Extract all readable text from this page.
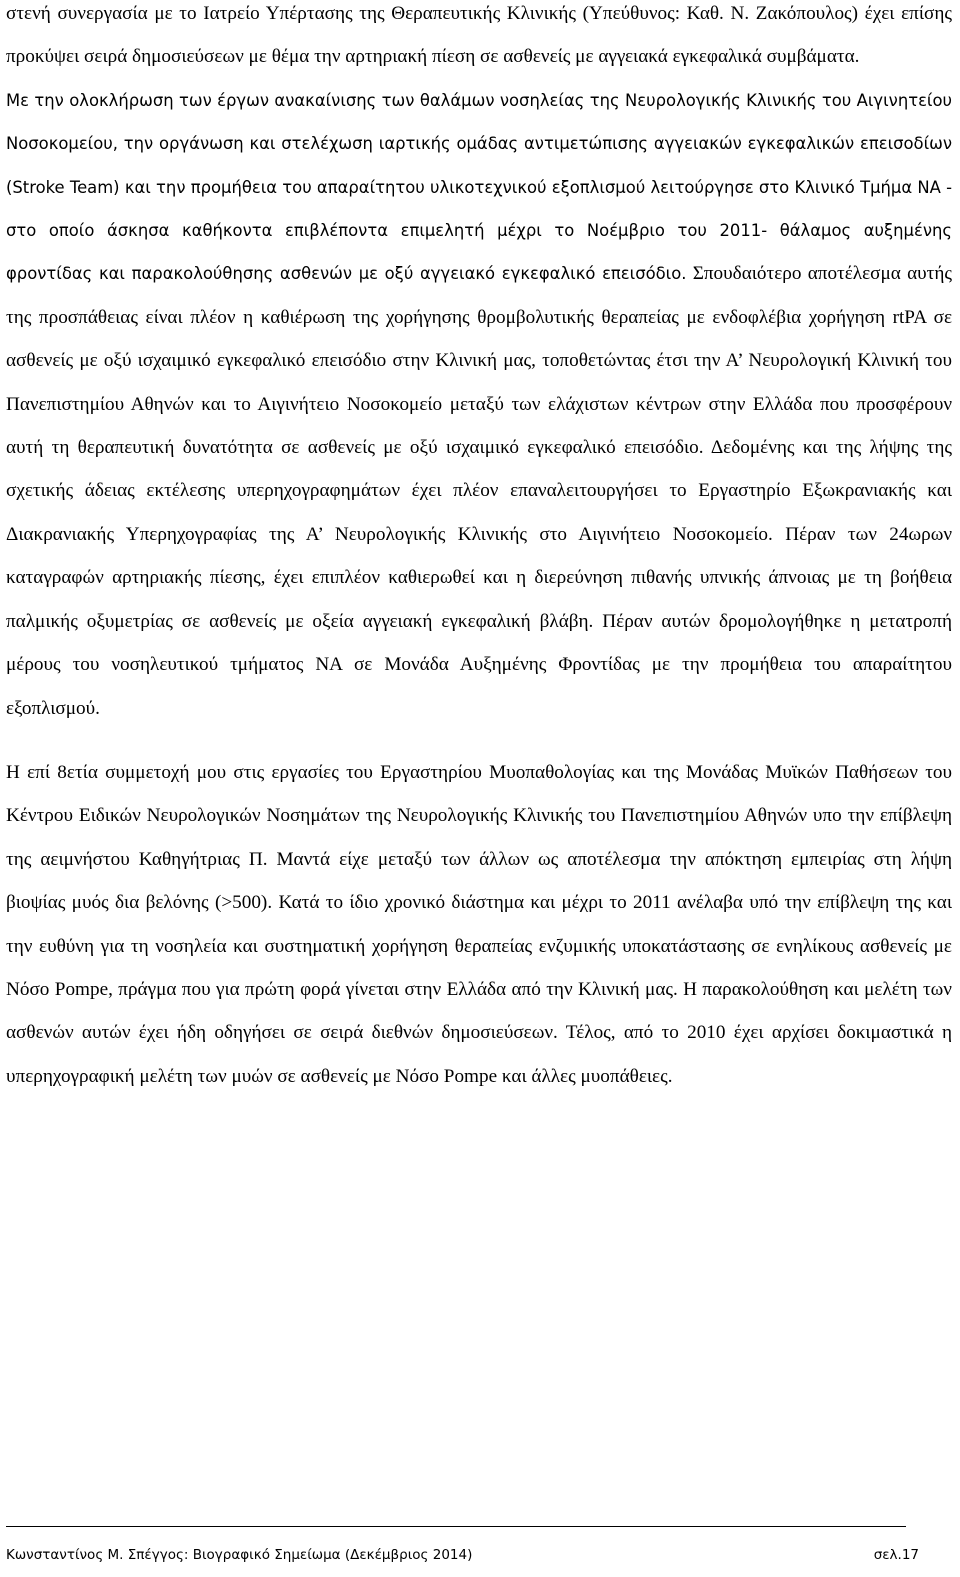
στενή συνεργασία με το Ιατρείο Υπέρτασης της Θεραπευτικής Κλινικής (Υπεύθυνος: Καθ. Ν. Ζακόπουλος) έχει επίσης προκύψει σειρά δημοσιεύσεων με θέμα την αρτηριακή πίεση σε ασθενείς με αγγειακά εγκεφαλικά συμβάματα.

Με την ολοκλήρωση των έργων ανακαίνισης των θαλάμων νοσηλείας της Νευρολογικής Κλινικής του Αιγινητείου Νοσοκομείου, την οργάνωση και στελέχωση ιαρτικής ομάδας αντιμετώπισης αγγειακών εγκεφαλικών επεισοδίων (Stroke Team) και την προμήθεια του απαραίτητου υλικοτεχνικού εξοπλισμού λειτούργησε στο Κλινικό Τμήμα ΝΑ - στο οποίο άσκησα καθήκοντα επιβλέποντα επιμελητή μέχρι το Νοέμβριο του 2011- θάλαμος αυξημένης φροντίδας και παρακολούθησης ασθενών με οξύ αγγειακό εγκεφαλικό επεισόδιο. Σπουδαιότερο αποτέλεσμα αυτής της προσπάθειας είναι πλέον η καθιέρωση της χορήγησης θρομβολυτικής θεραπείας με ενδοφλέβια χορήγηση rtPA σε ασθενείς με οξύ ισχαιμικό εγκεφαλικό επεισόδιο στην Κλινική μας, τοποθετώντας έτσι την Α’ Νευρολογική Κλινική του Πανεπιστημίου Αθηνών και το Αιγινήτειο Νοσοκομείο μεταξύ των ελάχιστων κέντρων στην Ελλάδα που προσφέρουν αυτή τη θεραπευτική δυνατότητα σε ασθενείς με οξύ ισχαιμικό εγκεφαλικό επεισόδιο. Δεδομένης και της λήψης της σχετικής άδειας εκτέλεσης υπερηχογραφημάτων έχει πλέον επαναλειτουργήσει το Εργαστηρίο Εξωκρανιακής και Διακρανιακής Υπερηχογραφίας της Α’ Νευρολογικής Κλινικής στο Αιγινήτειο Νοσοκομείο. Πέραν των 24ωρων καταγραφών αρτηριακής πίεσης, έχει επιπλέον καθιερωθεί και η διερεύνηση πιθανής υπνικής άπνοιας με τη βοήθεια παλμικής οξυμετρίας σε ασθενείς με οξεία αγγειακή εγκεφαλική βλάβη. Πέραν αυτών δρομολογήθηκε η μετατροπή μέρους του νοσηλευτικού τμήματος ΝΑ σε Μονάδα Αυξημένης Φροντίδας με την προμήθεια του απαραίτητου εξοπλισμού.

Η επί 8ετία συμμετοχή μου στις εργασίες του Εργαστηρίου Μυοπαθολογίας και της Μονάδας Μυϊκών Παθήσεων του Κέντρου Ειδικών Νευρολογικών Νοσημάτων της Νευρολογικής Κλινικής του Πανεπιστημίου Αθηνών υπο την επίβλεψη της αειμνήστου Καθηγήτριας Π. Μαντά είχε μεταξύ των άλλων ως αποτέλεσμα την απόκτηση εμπειρίας στη λήψη βιοψίας μυός δια βελόνης (>500). Κατά το ίδιο χρονικό διάστημα και μέχρι το 2011 ανέλαβα υπό την επίβλεψη της και την ευθύνη για τη νοσηλεία και συστηματική χορήγηση θεραπείας ενζυμικής υποκατάστασης σε ενηλίκους ασθενείς με Νόσο Pompe, πράγμα που για πρώτη φορά γίνεται στην Ελλάδα από την Κλινική μας. Η παρακολούθηση και μελέτη των ασθενών αυτών έχει ήδη οδηγήσει σε σειρά διεθνών δημοσιεύσεων. Τέλος, από το 2010 έχει αρχίσει δοκιμαστικά η υπερηχογραφική μελέτη των μυών σε ασθενείς με Νόσο Pompe και άλλες μυοπάθειες.

Κωνσταντίνος Μ. Σπέγγος: Βιογραφικό Σημείωμα (Δεκέμβριος 2014)	σελ.17
